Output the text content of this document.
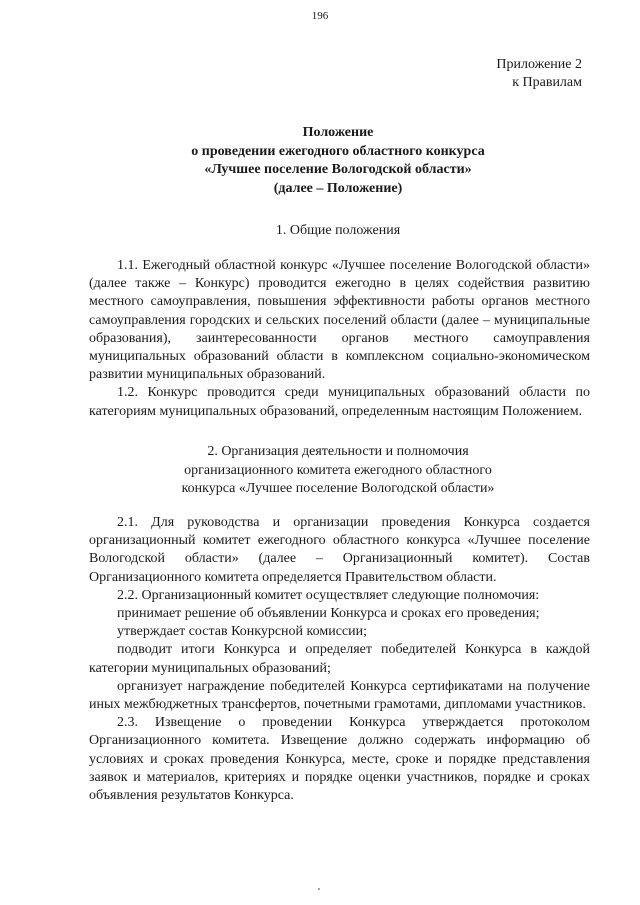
196
Приложение 2
к Правилам
Положение
о проведении ежегодного областного конкурса
«Лучшее поселение Вологодской области»
(далее – Положение)
1. Общие положения

1.1. Ежегодный областной конкурс «Лучшее поселение Вологодской области» (далее также – Конкурс) проводится ежегодно в целях содействия развитию местного самоуправления, повышения эффективности работы органов местного самоуправления городских и сельских поселений области (далее – муниципальные образования), заинтересованности органов местного самоуправления муниципальных образований области в комплексном социально-экономическом развитии муниципальных образований.

1.2. Конкурс проводится среди муниципальных образований области по категориям муниципальных образований, определенным настоящим Положением.

2. Организация деятельности и полномочия
организационного комитета ежегодного областного
конкурса «Лучшее поселение Вологодской области»

2.1. Для руководства и организации проведения Конкурса создается организационный комитет ежегодного областного конкурса «Лучшее поселение Вологодской области» (далее – Организационный комитет). Состав Организационного комитета определяется Правительством области.

2.2. Организационный комитет осуществляет следующие полномочия:

принимает решение об объявлении Конкурса и сроках его проведения;

утверждает состав Конкурсной комиссии;

подводит итоги Конкурса и определяет победителей Конкурса в каждой категории муниципальных образований;

организует награждение победителей Конкурса сертификатами на получение иных межбюджетных трансфертов, почетными грамотами, дипломами участников.

2.3. Извещение о проведении Конкурса утверждается протоколом Организационного комитета. Извещение должно содержать информацию об условиях и сроках проведения Конкурса, месте, сроке и порядке представления заявок и материалов, критериях и порядке оценки участников, порядке и сроках объявления результатов Конкурса.
